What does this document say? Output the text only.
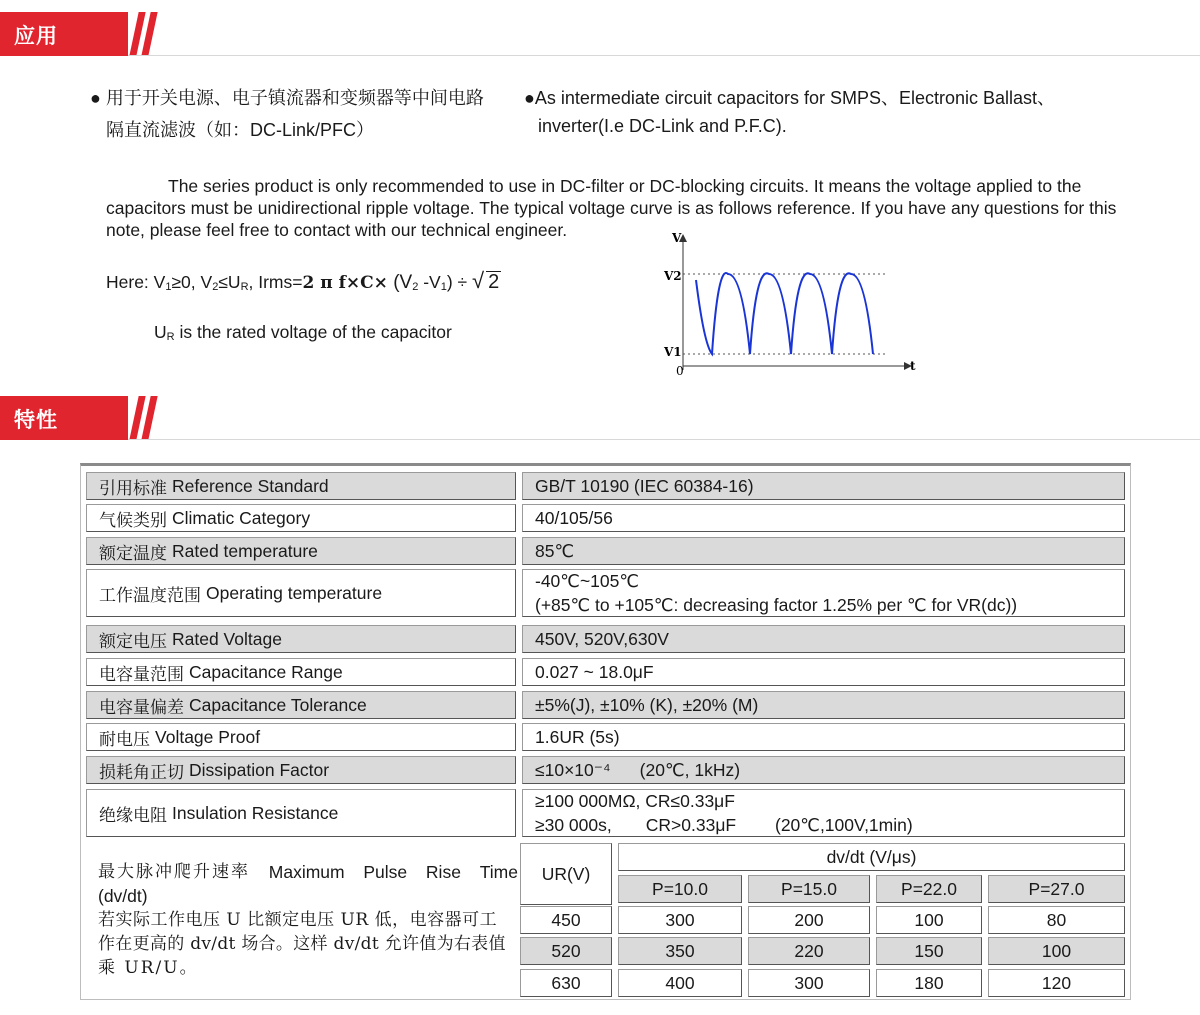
应用
● 用于开关电源、电子镇流器和变频器等中间电路
隔直流滤波（如：DC-Link/PFC）
●As intermediate circuit capacitors for SMPS、Electronic Ballast、
inverter(I.e DC-Link and P.F.C).
The series product is only recommended to use in DC-filter or DC-blocking circuits. It means the voltage applied to the capacitors must be unidirectional ripple voltage. The typical voltage curve is as follows reference. If you have any questions for this note, please feel free to contact with our technical engineer.
Here: $V_1\ge 0$, $V_2\le U_R$, Irms=2 π $f\times C\times (V_2$ $-V_1$) ÷ √ 2
$U_R$ is the rated voltage of the capacitor
V
V2
V1
0	t
特性
引用标准 Reference Standard	GB/T 10190 (IEC 60384-16)
气候类别 Climatic Category	40/105/56
额定温度 Rated temperature	85℃
工作温度范围 Operating temperature
-40℃~105℃
(+85℃ to +105℃: decreasing factor 1.25% per ℃ for VR(dc))
额定电压 Rated Voltage	450V, 520V,630V
电容量范围 Capacitance Range	0.027 ~ 18.0μF
电容量偏差 Capacitance Tolerance	±5%(J), ±10% (K), ±20% (M)
耐电压 Voltage Proof	1.6UR (5s)
损耗角正切 Dissipation Factor	≤10×10⁻⁴      (20℃, 1kHz)
绝缘电阻 Insulation Resistance
≥100 000MΩ, CR≤0.33μF
≥30 000s,       CR>0.33μF        (20℃,100V,1min)
最大脉冲爬升速率 Maximum Pulse Rise Time
(dv/dt)
若实际工作电压 U 比额定电压 UR 低，电容器可工
作在更高的 dv/dt 场合。这样 dv/dt 允许值为右表值
乘 UR/U。
UR(V)
dv/dt (V/μs)
P=10.0	P=15.0	P=22.0	P=27.0
450	300	200	100	80
520	350	220	150	100
630	400	300	180	120
